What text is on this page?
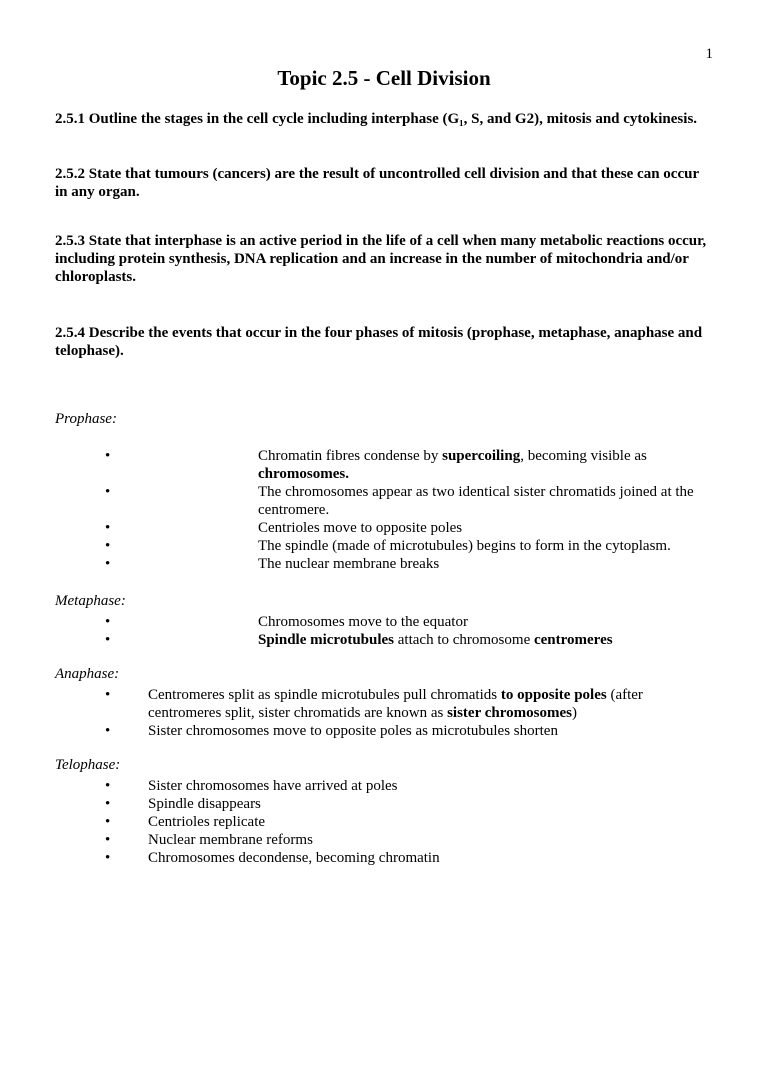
1
Topic 2.5 - Cell Division

2.5.1 Outline the stages in the cell cycle including interphase (G₁, S, and G2), mitosis and cytokinesis.

2.5.2 State that tumours (cancers) are the result of uncontrolled cell division and that these can occur in any organ.

2.5.3 State that interphase is an active period in the life of a cell when many metabolic reactions occur, including protein synthesis, DNA replication and an increase in the number of mitochondria and/or chloroplasts.

2.5.4 Describe the events that occur in the four phases of mitosis (prophase, metaphase, anaphase and telophase).

Prophase:
•	Chromatin fibres condense by supercoiling, becoming visible as chromosomes.
•	The chromosomes appear as two identical sister chromatids joined at the centromere.
•	Centrioles move to opposite poles
•	The spindle (made of microtubules) begins to form in the cytoplasm.
•	The nuclear membrane breaks
Metaphase:
•	Chromosomes move to the equator
•	Spindle microtubules attach to chromosome centromeres
Anaphase:
•	Centromeres split as spindle microtubules pull chromatids to opposite poles (after centromeres split, sister chromatids are known as sister chromosomes)
•	Sister chromosomes move to opposite poles as microtubules shorten
Telophase:
•	Sister chromosomes have arrived at poles
•	Spindle disappears
•	Centrioles replicate
•	Nuclear membrane reforms
•	Chromosomes decondense, becoming chromatin
